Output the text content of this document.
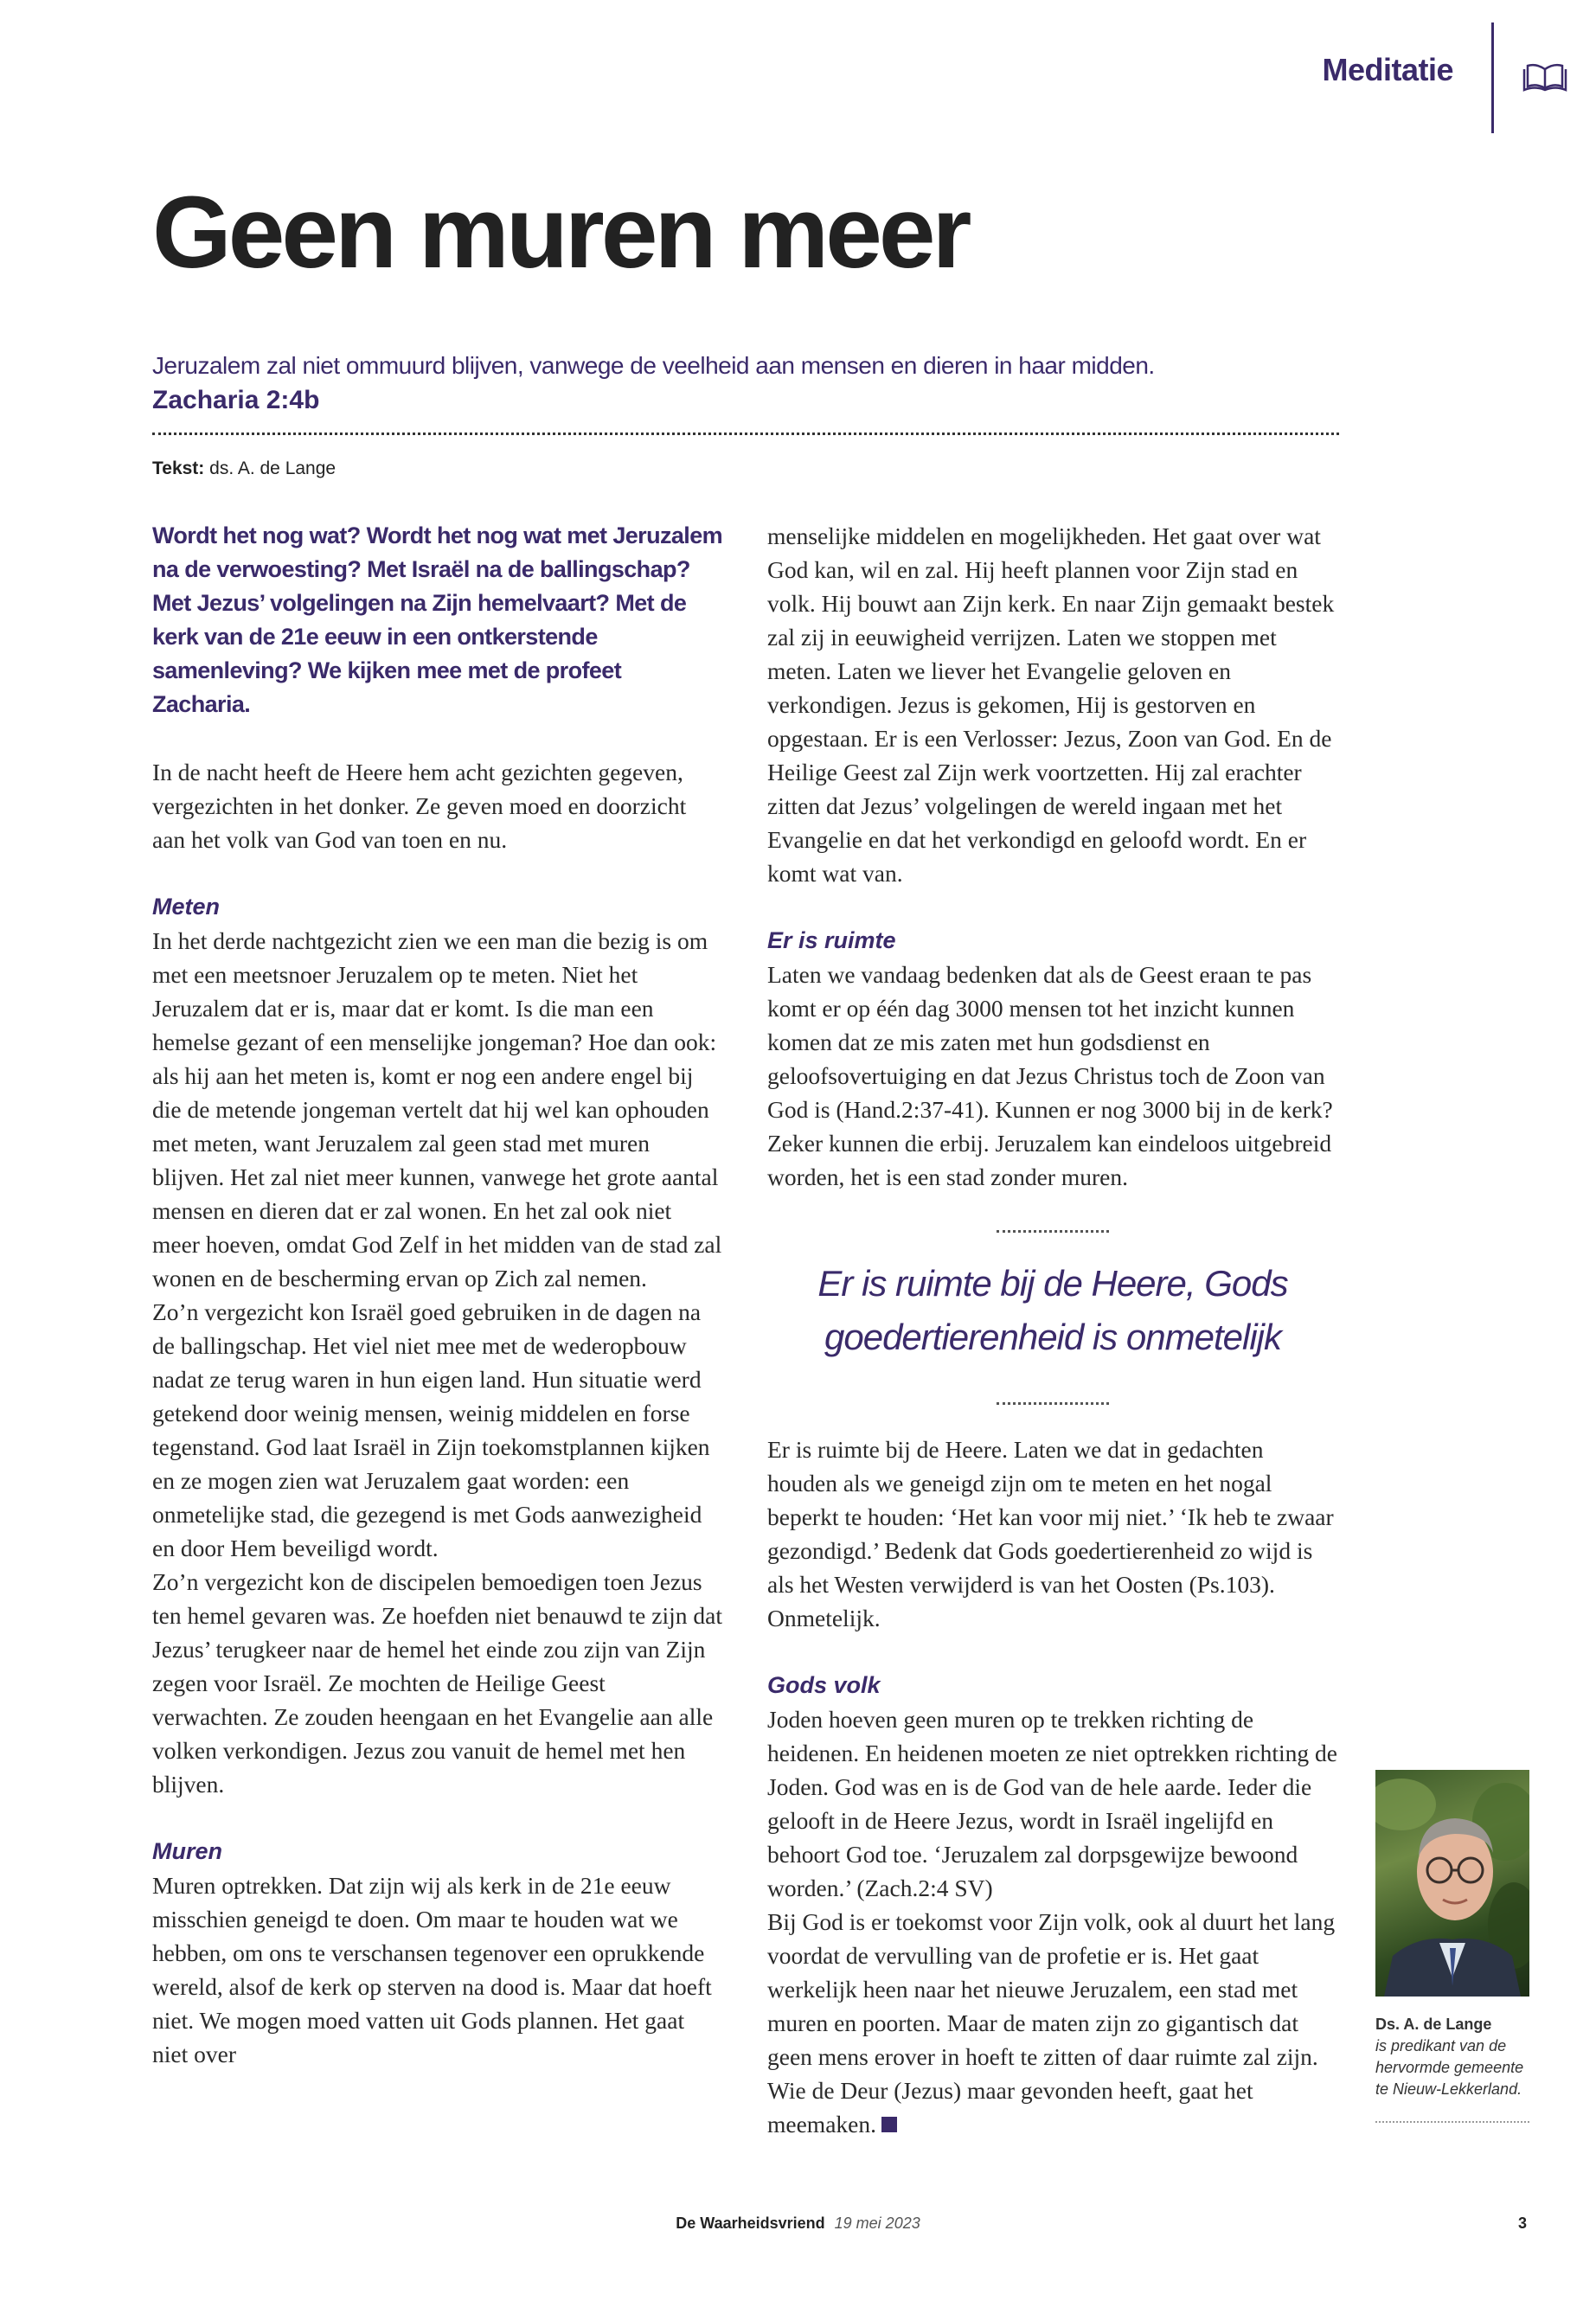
Meditatie
Geen muren meer
Jeruzalem zal niet ommuurd blijven, vanwege de veelheid aan mensen en dieren in haar midden.
Zacharia 2:4b
Tekst: ds. A. de Lange

Wordt het nog wat? Wordt het nog wat met Jeruzalem na de verwoesting? Met Israël na de ballingschap? Met Jezus’ volgelingen na Zijn hemelvaart? Met de kerk van de 21e eeuw in een ontkerstende samenleving? We kijken mee met de profeet Zacharia.

In de nacht heeft de Heere hem acht gezichten gegeven, vergezichten in het donker. Ze geven moed en doorzicht aan het volk van God van toen en nu.

Meten

In het derde nachtgezicht zien we een man die bezig is om met een meetsnoer Jeruzalem op te meten. Niet het Jeruzalem dat er is, maar dat er komt. Is die man een hemelse gezant of een menselijke jongeman? Hoe dan ook: als hij aan het meten is, komt er nog een andere engel bij die de metende jongeman vertelt dat hij wel kan ophouden met meten, want Jeruzalem zal geen stad met muren blijven. Het zal niet meer kunnen, vanwege het grote aantal mensen en dieren dat er zal wonen. En het zal ook niet meer hoeven, omdat God Zelf in het midden van de stad zal wonen en de bescherming ervan op Zich zal nemen.

Zo’n vergezicht kon Israël goed gebruiken in de dagen na de ballingschap. Het viel niet mee met de wederopbouw nadat ze terug waren in hun eigen land. Hun situatie werd getekend door weinig mensen, weinig middelen en forse tegenstand. God laat Israël in Zijn toekomstplannen kijken en ze mogen zien wat Jeruzalem gaat worden: een onmetelijke stad, die gezegend is met Gods aanwezigheid en door Hem beveiligd wordt.

Zo’n vergezicht kon de discipelen bemoedigen toen Jezus ten hemel gevaren was. Ze hoefden niet benauwd te zijn dat Jezus’ terugkeer naar de hemel het einde zou zijn van Zijn zegen voor Israël. Ze mochten de Heilige Geest verwachten. Ze zouden heengaan en het Evangelie aan alle volken verkondigen. Jezus zou vanuit de hemel met hen blijven.

Muren

Muren optrekken. Dat zijn wij als kerk in de 21e eeuw misschien geneigd te doen. Om maar te houden wat we hebben, om ons te verschansen tegenover een oprukkende wereld, alsof de kerk op sterven na dood is. Maar dat hoeft niet. We mogen moed vatten uit Gods plannen. Het gaat niet over

menselijke middelen en mogelijkheden. Het gaat over wat God kan, wil en zal. Hij heeft plannen voor Zijn stad en volk. Hij bouwt aan Zijn kerk. En naar Zijn gemaakt bestek zal zij in eeuwigheid verrijzen. Laten we stoppen met meten. Laten we liever het Evangelie geloven en verkondigen. Jezus is gekomen, Hij is gestorven en opgestaan. Er is een Verlosser: Jezus, Zoon van God. En de Heilige Geest zal Zijn werk voortzetten. Hij zal erachter zitten dat Jezus’ volgelingen de wereld ingaan met het Evangelie en dat het verkondigd en geloofd wordt. En er komt wat van.

Er is ruimte

Laten we vandaag bedenken dat als de Geest eraan te pas komt er op één dag 3000 mensen tot het inzicht kunnen komen dat ze mis zaten met hun godsdienst en geloofsovertuiging en dat Jezus Christus toch de Zoon van God is (Hand.2:37-41). Kunnen er nog 3000 bij in de kerk? Zeker kunnen die erbij. Jeruzalem kan eindeloos uitgebreid worden, het is een stad zonder muren.

Er is ruimte bij de Heere, Gods goedertierenheid is onmetelijk

Er is ruimte bij de Heere. Laten we dat in gedachten houden als we geneigd zijn om te meten en het nogal beperkt te houden: ‘Het kan voor mij niet.’ ‘Ik heb te zwaar gezondigd.’ Bedenk dat Gods goedertierenheid zo wijd is als het Westen verwijderd is van het Oosten (Ps.103). Onmetelijk.

Gods volk

Joden hoeven geen muren op te trekken richting de heidenen. En heidenen moeten ze niet optrekken richting de Joden. God was en is de God van de hele aarde. Ieder die gelooft in de Heere Jezus, wordt in Israël ingelijfd en behoort God toe. ‘Jeruzalem zal dorpsgewijze bewoond worden.’ (Zach.2:4 SV)

Bij God is er toekomst voor Zijn volk, ook al duurt het lang voordat de vervulling van de profetie er is. Het gaat werkelijk heen naar het nieuwe Jeruzalem, een stad met muren en poorten. Maar de maten zijn zo gigantisch dat geen mens erover in hoeft te zitten of daar ruimte zal zijn. Wie de Deur (Jezus) maar gevonden heeft, gaat het meemaken.

Ds. A. de Lange
is predikant van de hervormde gemeente te Nieuw-Lekkerland.
De Waarheidsvriend 19 mei 2023	3
